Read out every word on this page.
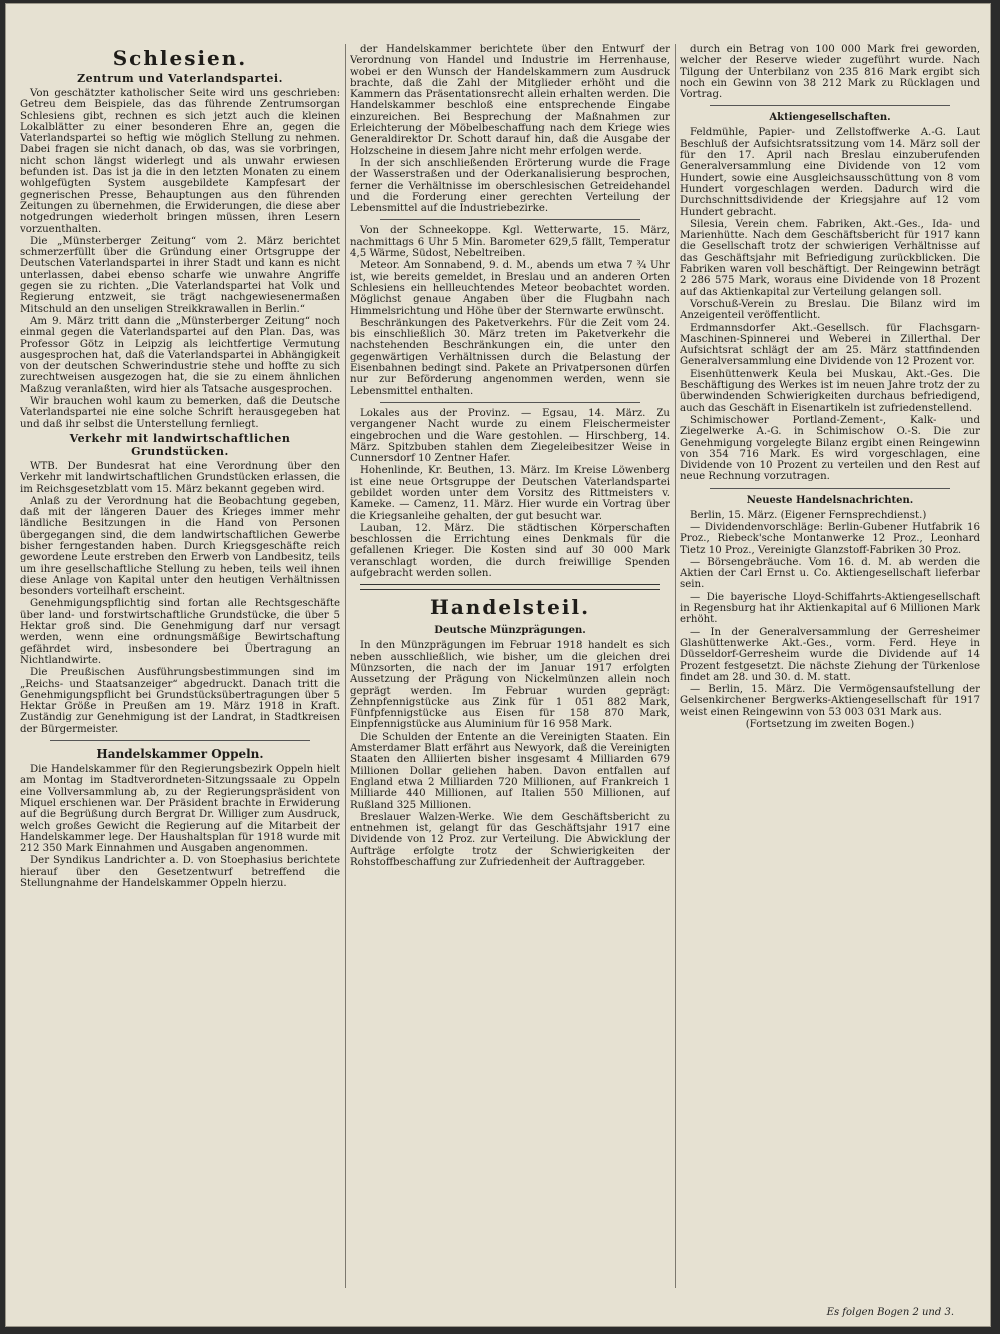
Schlesien.
Zentrum und Vaterlandspartei.

Von geschätzter katholischer Seite wird uns geschrieben: Getreu dem Beispiele, das das führende Zentrumsorgan Schlesiens gibt, rechnen es sich jetzt auch die kleinen Lokalblätter zu einer besonderen Ehre an, gegen die Vaterlandspartei so heftig wie möglich Stellung zu nehmen. Dabei fragen sie nicht danach, ob das, was sie vorbringen, nicht schon längst widerlegt und als unwahr erwiesen befunden ist. Das ist ja die in den letzten Monaten zu einem wohlgefügten System ausgebildete Kampfesart der gegnerischen Presse, Behauptungen aus den führenden Zeitungen zu übernehmen, die Erwiderungen, die diese aber notgedrungen wiederholt bringen müssen, ihren Lesern vorzuenthalten.

Die „Münsterberger Zeitung“ vom 2. März berichtet schmerzerfüllt über die Gründung einer Ortsgruppe der Deutschen Vaterlandspartei in ihrer Stadt und kann es nicht unterlassen, dabei ebenso scharfe wie unwahre Angriffe gegen sie zu richten. „Die Vaterlandspartei hat Volk und Regierung entzweit, sie trägt nachgewiesenermaßen Mitschuld an den unseligen Streikkrawallen in Berlin.“

Am 9. März tritt dann die „Münsterberger Zeitung“ noch einmal gegen die Vaterlandspartei auf den Plan. Das, was Professor Götz in Leipzig als leichtfertige Vermutung ausgesprochen hat, daß die Vaterlandspartei in Abhängigkeit von der deutschen Schwerindustrie stehe und hoffte zu sich zurechtweisen ausgezogen hat, die sie zu einem ähnlichen Maßzug veranlaßten, wird hier als Tatsache ausgesprochen.

Wir brauchen wohl kaum zu bemerken, daß die Deutsche Vaterlandspartei nie eine solche Schrift herausgegeben hat und daß ihr selbst die Unterstellung fernliegt.

Verkehr mit landwirtschaftlichen Grundstücken.

WTB. Der Bundesrat hat eine Verordnung über den Verkehr mit landwirtschaftlichen Grundstücken erlassen, die im Reichsgesetzblatt vom 15. März bekannt gegeben wird.

Anlaß zu der Verordnung hat die Beobachtung gegeben, daß mit der längeren Dauer des Krieges immer mehr ländliche Besitzungen in die Hand von Personen übergegangen sind, die dem landwirtschaftlichen Gewerbe bisher ferngestanden haben. Durch Kriegsgeschäfte reich gewordene Leute erstreben den Erwerb von Landbesitz, teils um ihre gesellschaftliche Stellung zu heben, teils weil ihnen diese Anlage von Kapital unter den heutigen Verhältnissen besonders vorteilhaft erscheint.

Genehmigungspflichtig sind fortan alle Rechtsgeschäfte über land- und forstwirtschaftliche Grundstücke, die über 5 Hektar groß sind. Die Genehmigung darf nur versagt werden, wenn eine ordnungsmäßige Bewirtschaftung gefährdet wird, insbesondere bei Übertragung an Nichtlandwirte.

Die Preußischen Ausführungsbestimmungen sind im „Reichs- und Staatsanzeiger“ abgedruckt. Danach tritt die Genehmigungspflicht bei Grundstücksübertragungen über 5 Hektar Größe in Preußen am 19. März 1918 in Kraft. Zuständig zur Genehmigung ist der Landrat, in Stadtkreisen der Bürgermeister.

Handelskammer Oppeln.

Die Handelskammer für den Regierungsbezirk Oppeln hielt am Montag im Stadtverordneten-Sitzungssaale zu Oppeln eine Vollversammlung ab, zu der Regierungspräsident von Miquel erschienen war. Der Präsident brachte in Erwiderung auf die Begrüßung durch Bergrat Dr. Williger zum Ausdruck, welch großes Gewicht die Regierung auf die Mitarbeit der Handelskammer lege. Der Haushaltsplan für 1918 wurde mit 212 350 Mark Einnahmen und Ausgaben angenommen.

Der Syndikus Landrichter a. D. von Stoephasius berichtete hierauf über den Gesetzentwurf betreffend die Stellungnahme der Handelskammer Oppeln hierzu.

der Handelskammer berichtete über den Entwurf der Verordnung von Handel und Industrie im Herrenhause, wobei er den Wunsch der Handelskammern zum Ausdruck brachte, daß die Zahl der Mitglieder erhöht und die Kammern das Präsentationsrecht allein erhalten werden. Die Handelskammer beschloß eine entsprechende Eingabe einzureichen. Bei Besprechung der Maßnahmen zur Erleichterung der Möbelbeschaffung nach dem Kriege wies Generaldirektor Dr. Schott darauf hin, daß die Ausgabe der Holzscheine in diesem Jahre nicht mehr erfolgen werde.

In der sich anschließenden Erörterung wurde die Frage der Wasserstraßen und der Oderkanalisierung besprochen, ferner die Verhältnisse im oberschlesischen Getreidehandel und die Forderung einer gerechten Verteilung der Lebensmittel auf die Industriebezirke.

Von der Schneekoppe. Kgl. Wetterwarte, 15. März, nachmittags 6 Uhr 5 Min. Barometer 629,5 fällt, Temperatur 4,5 Wärme, Südost, Nebeltreiben.

Meteor. Am Sonnabend, 9. d. M., abends um etwa 7 ¾ Uhr ist, wie bereits gemeldet, in Breslau und an anderen Orten Schlesiens ein hellleuchtendes Meteor beobachtet worden. Möglichst genaue Angaben über die Flugbahn nach Himmelsrichtung und Höhe über der Sternwarte erwünscht.

Beschränkungen des Paketverkehrs. Für die Zeit vom 24. bis einschließlich 30. März treten im Paketverkehr die nachstehenden Beschränkungen ein, die unter den gegenwärtigen Verhältnissen durch die Belastung der Eisenbahnen bedingt sind. Pakete an Privatpersonen dürfen nur zur Beförderung angenommen werden, wenn sie Lebensmittel enthalten.

Lokales aus der Provinz. — Egsau, 14. März. Zu vergangener Nacht wurde zu einem Fleischermeister eingebrochen und die Ware gestohlen. — Hirschberg, 14. März. Spitzbuben stahlen dem Ziegeleibesitzer Weise in Cunnersdorf 10 Zentner Hafer.

Hohenlinde, Kr. Beuthen, 13. März. Im Kreise Löwenberg ist eine neue Ortsgruppe der Deutschen Vaterlandspartei gebildet worden unter dem Vorsitz des Rittmeisters v. Kameke. — Camenz, 11. März. Hier wurde ein Vortrag über die Kriegsanleihe gehalten, der gut besucht war.

Lauban, 12. März. Die städtischen Körperschaften beschlossen die Errichtung eines Denkmals für die gefallenen Krieger. Die Kosten sind auf 30 000 Mark veranschlagt worden, die durch freiwillige Spenden aufgebracht werden sollen.

Handelsteil.
Deutsche Münzprägungen.

In den Münzprägungen im Februar 1918 handelt es sich neben ausschließlich, wie bisher, um die gleichen drei Münzsorten, die nach der im Januar 1917 erfolgten Aussetzung der Prägung von Nickelmünzen allein noch geprägt werden. Im Februar wurden geprägt: Zehnpfennigstücke aus Zink für 1 051 882 Mark, Fünfpfennigstücke aus Eisen für 158 870 Mark, Einpfennigstücke aus Aluminium für 16 958 Mark.

Die Schulden der Entente an die Vereinigten Staaten. Ein Amsterdamer Blatt erfährt aus Newyork, daß die Vereinigten Staaten den Alliierten bisher insgesamt 4 Milliarden 679 Millionen Dollar geliehen haben. Davon entfallen auf England etwa 2 Milliarden 720 Millionen, auf Frankreich 1 Milliarde 440 Millionen, auf Italien 550 Millionen, auf Rußland 325 Millionen.

Breslauer Walzen-Werke. Wie dem Geschäftsbericht zu entnehmen ist, gelangt für das Geschäftsjahr 1917 eine Dividende von 12 Proz. zur Verteilung. Die Abwicklung der Aufträge erfolgte trotz der Schwierigkeiten der Rohstoffbeschaffung zur Zufriedenheit der Auftraggeber.

durch ein Betrag von 100 000 Mark frei geworden, welcher der Reserve wieder zugeführt wurde. Nach Tilgung der Unterbilanz von 235 816 Mark ergibt sich noch ein Gewinn von 38 212 Mark zu Rücklagen und Vortrag.

Aktiengesellschaften.

Feldmühle, Papier- und Zellstoffwerke A.-G. Laut Beschluß der Aufsichtsratssitzung vom 14. März soll der für den 17. April nach Breslau einzuberufenden Generalversammlung eine Dividende von 12 vom Hundert, sowie eine Ausgleichsausschüttung von 8 vom Hundert vorgeschlagen werden. Dadurch wird die Durchschnittsdividende der Kriegsjahre auf 12 vom Hundert gebracht.

Silesia, Verein chem. Fabriken, Akt.-Ges., Ida- und Marienhütte. Nach dem Geschäftsbericht für 1917 kann die Gesellschaft trotz der schwierigen Verhältnisse auf das Geschäftsjahr mit Befriedigung zurückblicken. Die Fabriken waren voll beschäftigt. Der Reingewinn beträgt 2 286 575 Mark, woraus eine Dividende von 18 Prozent auf das Aktienkapital zur Verteilung gelangen soll.

Vorschuß-Verein zu Breslau. Die Bilanz wird im Anzeigenteil veröffentlicht.

Erdmannsdorfer Akt.-Gesellsch. für Flachsgarn-Maschinen-Spinnerei und Weberei in Zillerthal. Der Aufsichtsrat schlägt der am 25. März stattfindenden Generalversammlung eine Dividende von 12 Prozent vor.

Eisenhüttenwerk Keula bei Muskau, Akt.-Ges. Die Beschäftigung des Werkes ist im neuen Jahre trotz der zu überwindenden Schwierigkeiten durchaus befriedigend, auch das Geschäft in Eisenartikeln ist zufriedenstellend.

Schimischower Portland-Zement-, Kalk- und Ziegelwerke A.-G. in Schimischow O.-S. Die zur Genehmigung vorgelegte Bilanz ergibt einen Reingewinn von 354 716 Mark. Es wird vorgeschlagen, eine Dividende von 10 Prozent zu verteilen und den Rest auf neue Rechnung vorzutragen.

Neueste Handelsnachrichten.

Berlin, 15. März. (Eigener Fernsprechdienst.)

— Dividendenvorschläge: Berlin-Gubener Hutfabrik 16 Proz., Riebeck'sche Montanwerke 12 Proz., Leonhard Tietz 10 Proz., Vereinigte Glanzstoff-Fabriken 30 Proz.

— Börsengebräuche. Vom 16. d. M. ab werden die Aktien der Carl Ernst u. Co. Aktiengesellschaft lieferbar sein.

— Die bayerische Lloyd-Schiffahrts-Aktiengesellschaft in Regensburg hat ihr Aktienkapital auf 6 Millionen Mark erhöht.

— In der Generalversammlung der Gerresheimer Glashüttenwerke Akt.-Ges., vorm. Ferd. Heye in Düsseldorf-Gerresheim wurde die Dividende auf 14 Prozent festgesetzt. Die nächste Ziehung der Türkenlose findet am 28. und 30. d. M. statt.

— Berlin, 15. März. Die Vermögensaufstellung der Gelsenkirchener Bergwerks-Aktiengesellschaft für 1917 weist einen Reingewinn von 53 003 031 Mark aus.

(Fortsetzung im zweiten Bogen.)

Es folgen Bogen 2 und 3.
